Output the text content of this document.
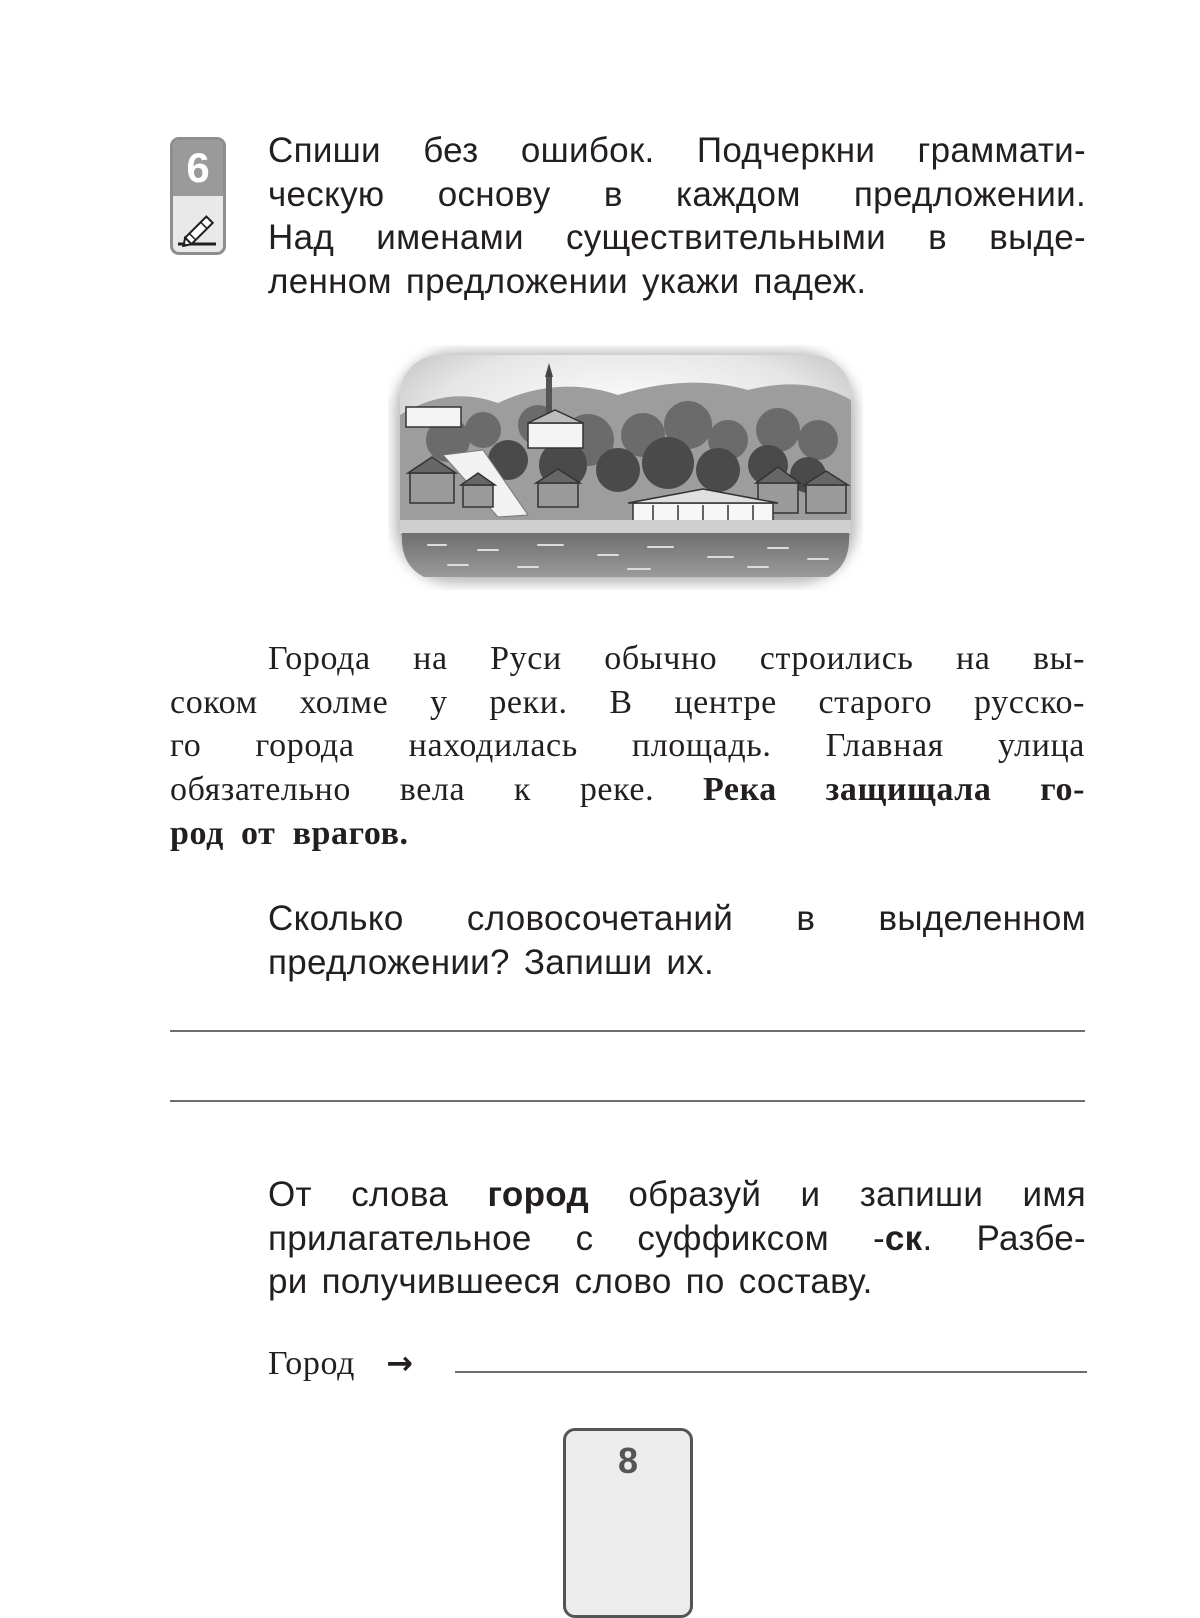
6	Спиши без ошибок. Подчеркни граммати-
ческую основу в каждом предложении.
Над именами существительными в выде-
ленном предложении укажи падеж.
Города на Руси обычно строились на вы-
соком холме у реки. В центре старого русско-
го города находилась площадь. Главная улица
обязательно вела к реке. Река защищала го-
род от врагов.
Сколько словосочетаний в выделенном
предложении? Запиши их.
От слова город образуй и запиши имя
прилагательное с суффиксом -ск. Разбе-
ри получившееся слово по составу.
Город →
8
